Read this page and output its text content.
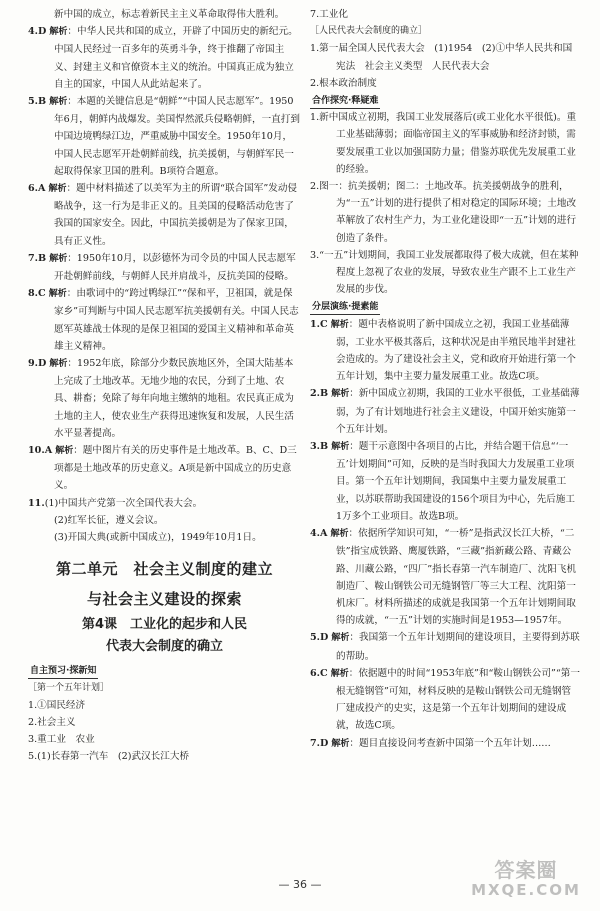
新中国的成立，标志着新民主主义革命取得伟大胜利。

4.D 解析：中华人民共和国的成立，开辟了中国历史的新纪元。中国人民经过一百多年的英勇斗争，终于推翻了帝国主义、封建主义和官僚资本主义的统治。中国真正成为独立自主的国家，中国人从此站起来了。

5.B 解析：本题的关键信息是“朝鲜”“中国人民志愿军”。1950年6月，朝鲜内战爆发。美国悍然派兵侵略朝鲜，一直打到中国边境鸭绿江边，严重威胁中国安全。1950年10月，中国人民志愿军开赴朝鲜前线，抗美援朝，与朝鲜军民一起取得保家卫国的胜利。B项符合题意。

6.A 解析：题中材料描述了以美军为主的所谓“联合国军”发动侵略战争，这一行为是非正义的。且美国的侵略活动危害了我国的国家安全。因此，中国抗美援朝是为了保家卫国，具有正义性。

7.B 解析：1950年10月，以彭德怀为司令员的中国人民志愿军开赴朝鲜前线，与朝鲜人民并肩战斗，反抗美国的侵略。

8.C 解析：由歌词中的“跨过鸭绿江”“保和平，卫祖国，就是保家乡”可判断与中国人民志愿军抗美援朝有关。中国人民志愿军英雄战士体现的是保卫祖国的爱国主义精神和革命英雄主义精神。

9.D 解析：1952年底，除部分少数民族地区外，全国大陆基本上完成了土地改革。无地少地的农民，分到了土地、农具、耕畜；免除了每年向地主缴纳的地租。农民真正成为土地的主人，使农业生产获得迅速恢复和发展，人民生活水平显著提高。

10.A 解析：题中图片有关的历史事件是土地改革。B、C、D三项都是土地改革的历史意义。A项是新中国成立的历史意义。

11.(1)中国共产党第一次全国代表大会。
(2)红军长征，遵义会议。
(3)开国大典(或新中国成立)，1949年10月1日。
第二单元　社会主义制度的建立
与社会主义建设的探索
第4课　工业化的起步和人民
代表大会制度的确立
自主预习·探新知
［第一个五年计划］
1.①国民经济
2.社会主义
3.重工业　农业
5.(1)长春第一汽车　(2)武汉长江大桥
7.工业化
［人民代表大会制度的确立］

1.第一届全国人民代表大会　(1)1954　(2)①中华人民共和国宪法　社会主义类型　人民代表大会

2.根本政治制度
合作探究·释疑难

1.新中国成立初期，我国工业发展落后(或工业化水平很低)。重工业基础薄弱；面临帝国主义的军事威胁和经济封锁，需要发展重工业以加强国防力量；借鉴苏联优先发展重工业的经验。

2.图一：抗美援朝；图二：土地改革。抗美援朝战争的胜利，为“一五”计划的进行提供了相对稳定的国际环境；土地改革解放了农村生产力，为工业化建设即“一五”计划的进行创造了条件。

3.“一五”计划期间，我国工业发展都取得了极大成就，但在某种程度上忽视了农业的发展，导致农业生产跟不上工业生产发展的步伐。

分层演练·提素能

1.C 解析：题中表格说明了新中国成立之初，我国工业基础薄弱，工业水平极其落后，这种状况是由半殖民地半封建社会造成的。为了建设社会主义，党和政府开始进行第一个五年计划，集中主要力量发展重工业。故选C项。

2.B 解析：新中国成立初期，我国的工业水平很低，工业基础薄弱，为了有计划地进行社会主义建设，中国开始实施第一个五年计划。

3.B 解析：题干示意图中各项目的占比，并结合题干信息“‘一五’计划期间”可知，反映的是当时我国大力发展重工业项目。第一个五年计划期间，我国集中主要力量发展重工业，以苏联帮助我国建设的156个项目为中心，先后施工1万多个工业项目。故选B项。

4.A 解析：依据所学知识可知，“一桥”是指武汉长江大桥，“二铁”指宝成铁路、鹰厦铁路，“三藏”指新藏公路、青藏公路、川藏公路，“四厂”指长春第一汽车制造厂、沈阳飞机制造厂、鞍山钢铁公司无缝钢管厂等三大工程、沈阳第一机床厂。材料所描述的成就是我国第一个五年计划期间取得的成就，“一五”计划的实施时间是1953—1957年。

5.D 解析：我国第一个五年计划期间的建设项目，主要得到苏联的帮助。

6.C 解析：依据题中的时间“1953年底”和“鞍山钢铁公司”“第一根无缝钢管”可知，材料反映的是鞍山钢铁公司无缝钢管厂建成投产的史实，这是第一个五年计划期间的建设成就，故选C项。

7.D 解析：题目直接设问考查新中国第一个五年计划……

— 36 —
答案圈
MXQE.COM
